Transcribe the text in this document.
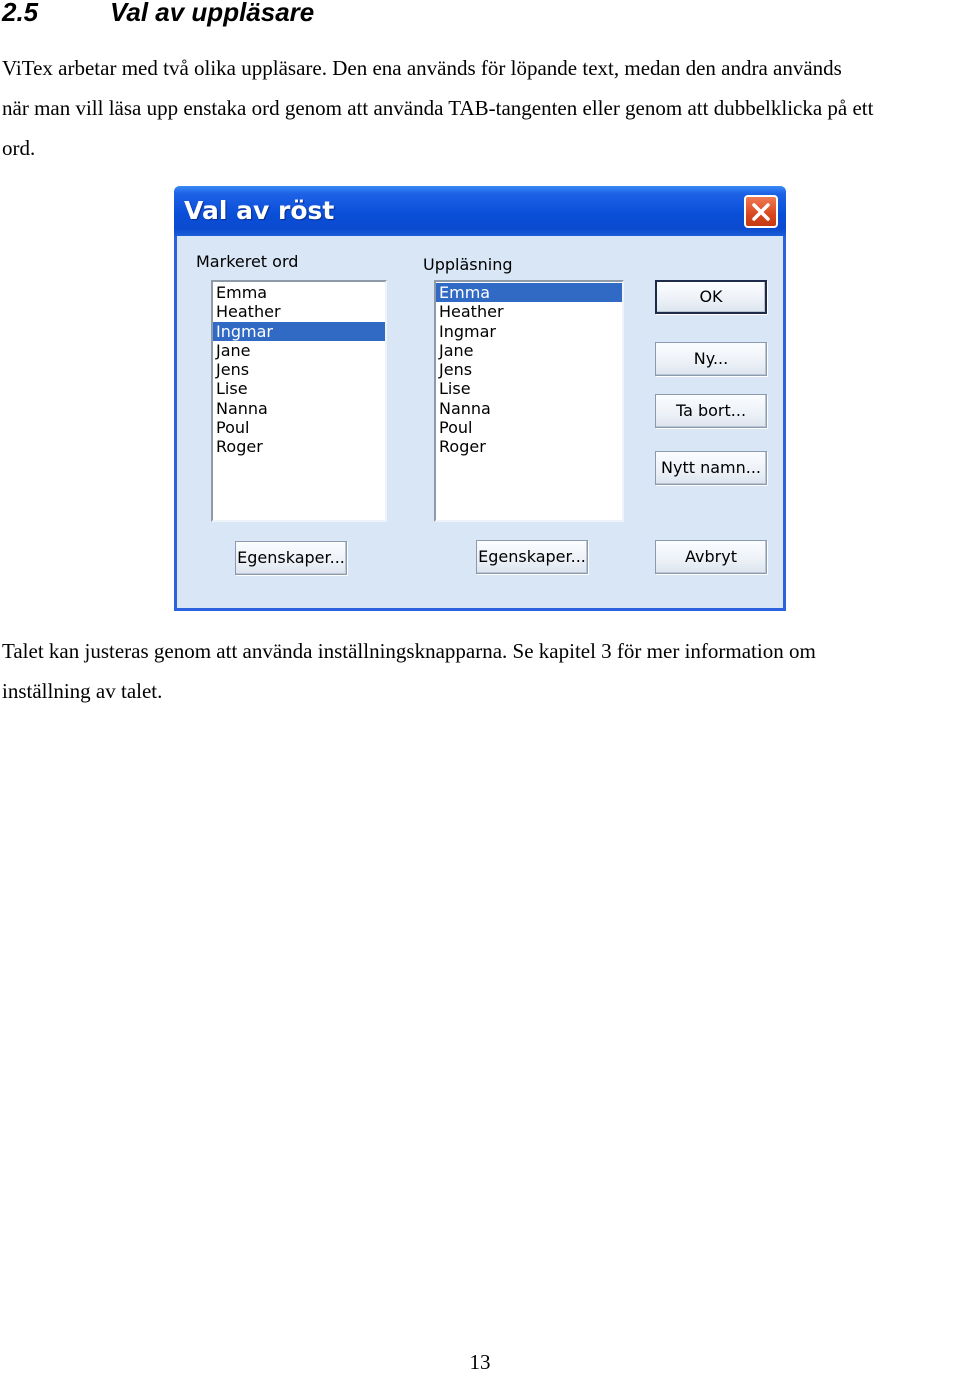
2.5	Val av uppläsare

ViTex arbetar med två olika uppläsare. Den ena används för löpande text, medan den andra används

när man vill läsa upp enstaka ord genom att använda TAB-tangenten eller genom att dubbelklicka på ett

ord.

Val av röst
Markeret ord
Emma
Heather
Ingmar
Jane
Jens
Lise
Nanna
Poul
Roger
Uppläsning
Emma
Heather
Ingmar
Jane
Jens
Lise
Nanna
Poul
Roger
OK
Ny...
Ta bort...
Nytt namn...
Egenskaper...	Egenskaper...	Avbryt

Talet kan justeras genom att använda inställningsknapparna. Se kapitel 3 för mer information om

inställning av talet.

13
